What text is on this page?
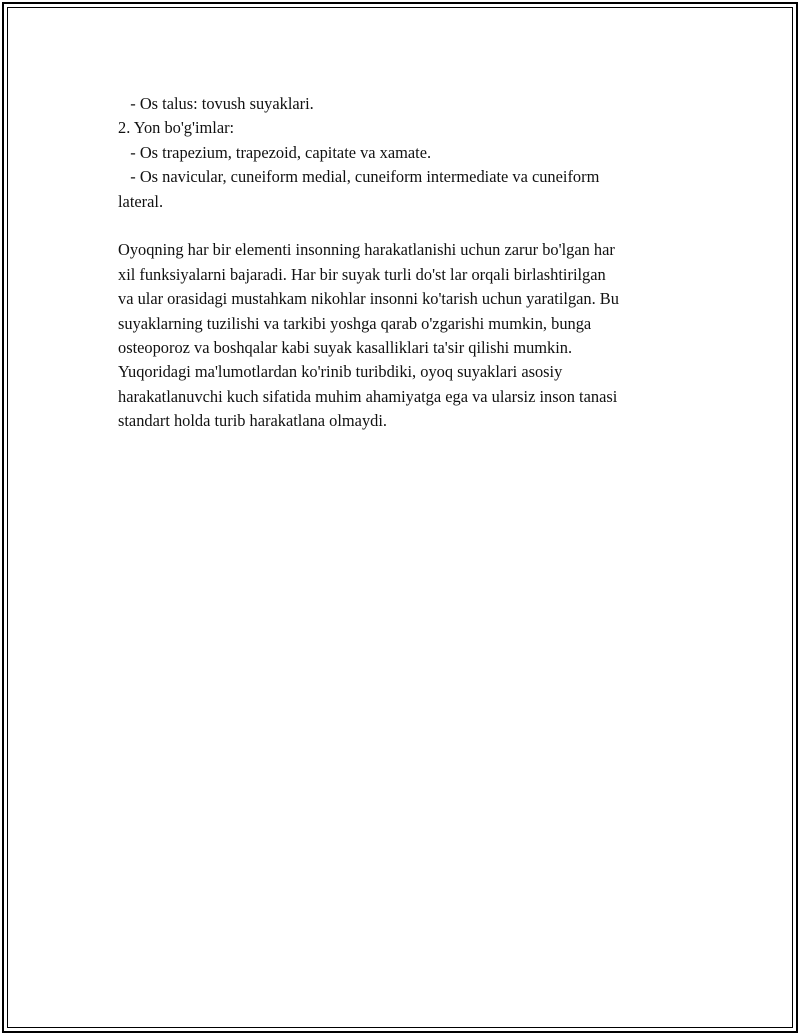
- Os talus: tovush suyaklari.
2. Yon bo'g'imlar:
- Os trapezium, trapezoid, capitate va xamate.
- Os navicular, cuneiform medial, cuneiform intermediate va cuneiform
lateral.
Oyoqning har bir elementi insonning harakatlanishi uchun zarur bo'lgan har
xil funksiyalarni bajaradi. Har bir suyak turli do'st lar orqali birlashtirilgan
va ular orasidagi mustahkam nikohlar insonni ko'tarish uchun yaratilgan. Bu
suyaklarning tuzilishi va tarkibi yoshga qarab o'zgarishi mumkin, bunga
osteoporoz va boshqalar kabi suyak kasalliklari ta'sir qilishi mumkin.
Yuqoridagi ma'lumotlardan ko'rinib turibdiki, oyoq suyaklari asosiy
harakatlanuvchi kuch sifatida muhim ahamiyatga ega va ularsiz inson tanasi
standart holda turib harakatlana olmaydi.
